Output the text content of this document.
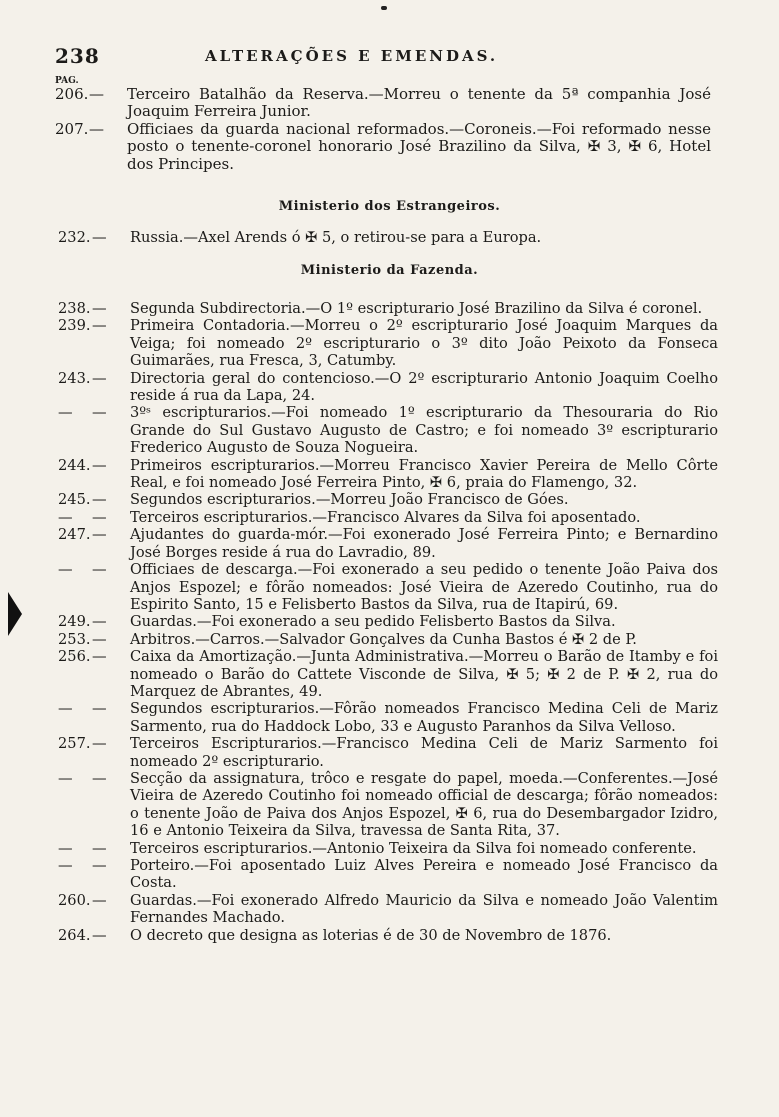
238	ALTERAÇÕES E EMENDAS.
PAG.

206.— Terceiro Batalhão da Reserva.—Morreu o tenente da 5ª companhia José Joaquim Ferreira Junior.

207.— Officiaes da guarda nacional reformados.—Coroneis.—Foi reformado nesse posto o tenente-coronel honorario José Brazilino da Silva, ✠ 3, ✠ 6, Hotel dos Principes.

Ministerio dos Estrangeiros.

232. — Russia.—Axel Arends ó ✠ 5, o retirou-se para a Europa.

Ministerio da Fazenda.

238. — Segunda Subdirectoria.—O 1º escripturario José Brazilino da Silva é coronel.

239. — Primeira Contadoria.—Morreu o 2º escripturario José Joaquim Marques da Veiga; foi nomeado 2º escripturario o 3º dito João Peixoto da Fonseca Guimarães, rua Fresca, 3, Catumby.

243. — Directoria geral do contencioso.—O 2º escripturario Antonio Joaquim Coelho reside á rua da Lapa, 24.

— — 3ºˢ escripturarios.—Foi nomeado 1º escripturario da Thesouraria do Rio Grande do Sul Gustavo Augusto de Castro; e foi nomeado 3º escripturario Frederico Augusto de Souza Nogueira.

244. — Primeiros escripturarios.—Morreu Francisco Xavier Pereira de Mello Côrte Real, e foi nomeado José Ferreira Pinto, ✠ 6, praia do Flamengo, 32.

245. — Segundos escripturarios.—Morreu João Francisco de Góes.

— — Terceiros escripturarios.—Francisco Alvares da Silva foi aposentado.

247. — Ajudantes do guarda-mór.—Foi exonerado José Ferreira Pinto; e Bernardino José Borges reside á rua do Lavradio, 89.

— — Officiaes de descarga.—Foi exonerado a seu pedido o tenente João Paiva dos Anjos Espozel; e fôrão nomeados: José Vieira de Azeredo Coutinho, rua do Espirito Santo, 15 e Felisberto Bastos da Silva, rua de Itapirú, 69.

249. — Guardas.—Foi exonerado a seu pedido Felisberto Bastos da Silva.

253. — Arbitros.—Carros.—Salvador Gonçalves da Cunha Bastos é ✠ 2 de P.

256. — Caixa da Amortização.—Junta Administrativa.—Morreu o Barão de Itamby e foi nomeado o Barão do Cattete Visconde de Silva, ✠ 5; ✠ 2 de P. ✠ 2, rua do Marquez de Abrantes, 49.

— — Segundos escripturarios.—Fôrão nomeados Francisco Medina Celi de Mariz Sarmento, rua do Haddock Lobo, 33 e Augusto Paranhos da Silva Velloso.

257. — Terceiros Escripturarios.—Francisco Medina Celi de Mariz Sarmento foi nomeado 2º escripturario.

— — Secção da assignatura, trôco e resgate do papel, moeda.—Conferentes.—José Vieira de Azeredo Coutinho foi nomeado official de descarga; fôrão nomeados: o tenente João de Paiva dos Anjos Espozel, ✠ 6, rua do Desembargador Izidro, 16 e Antonio Teixeira da Silva, travessa de Santa Rita, 37.

— — Terceiros escripturarios.—Antonio Teixeira da Silva foi nomeado conferente.

— — Porteiro.—Foi aposentado Luiz Alves Pereira e nomeado José Francisco da Costa.

260. — Guardas.—Foi exonerado Alfredo Mauricio da Silva e nomeado João Valentim Fernandes Machado.

264. — O decreto que designa as loterias é de 30 de Novembro de 1876.
